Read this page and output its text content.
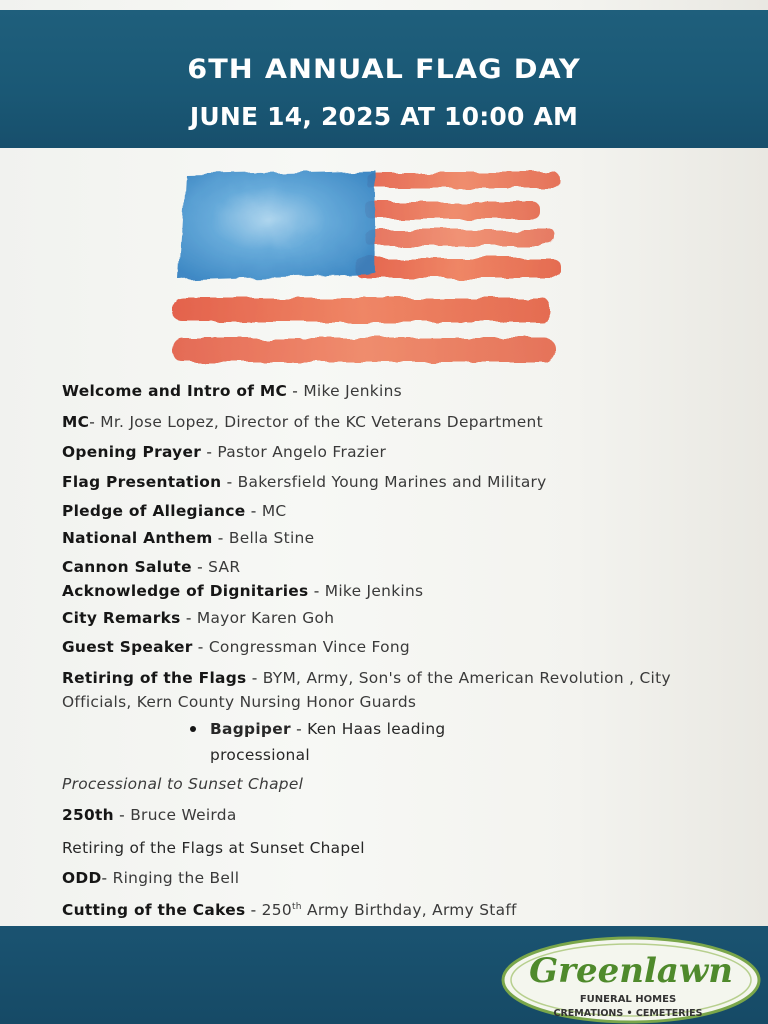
6TH ANNUAL FLAG DAY
JUNE 14, 2025 AT 10:00 AM
Welcome and Intro of MC - Mike Jenkins
MC- Mr. Jose Lopez, Director of the KC Veterans Department
Opening Prayer - Pastor Angelo Frazier
Flag Presentation - Bakersfield Young Marines and Military
Pledge of Allegiance - MC
National Anthem - Bella Stine
Cannon Salute - SAR
Acknowledge of Dignitaries - Mike Jenkins
City Remarks - Mayor Karen Goh
Guest Speaker - Congressman Vince Fong
Retiring of the Flags - BYM, Army, Son's of the American Revolution , City
Officials, Kern County Nursing Honor Guards
Bagpiper - Ken Haas leading
processional
Processional to Sunset Chapel
250th - Bruce Weirda
Retiring of the Flags at Sunset Chapel
ODD- Ringing the Bell
Cutting of the Cakes - 250th Army Birthday, Army Staff
Greenlawn
FUNERAL HOMES
CREMATIONS • CEMETERIES
